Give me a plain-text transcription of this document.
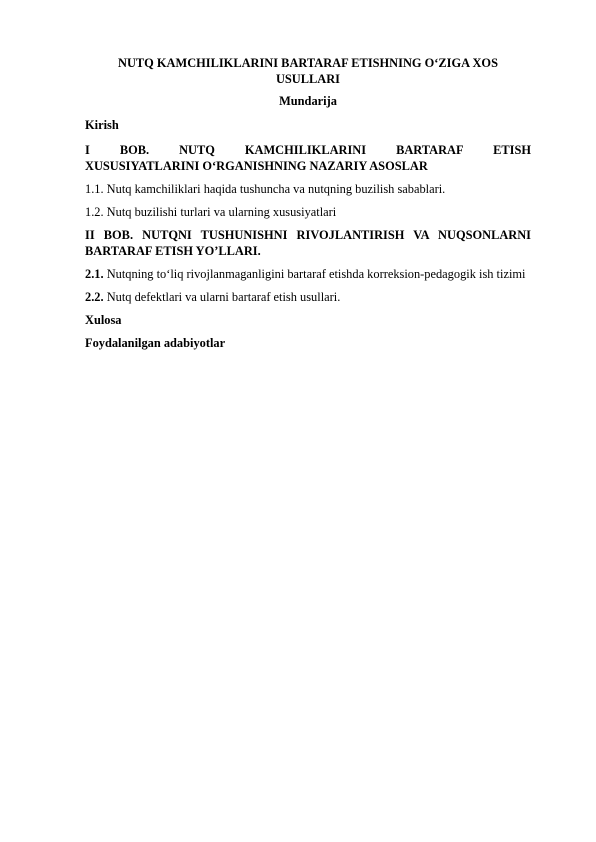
NUTQ KAMCHILIKLARINI BARTARAF ETISHNING O‘ZIGA XOS USULLARI

Mundarija

Kirish

I BOB. NUTQ KAMCHILIKLARINI BARTARAF ETISH
XUSUSIYATLARINI O‘RGANISHNING NAZARIY ASOSLAR

1.1. Nutq kamchiliklari haqida tushuncha va nutqning buzilish sabablari.

1.2. Nutq buzilishi turlari va ularning xususiyatlari

II BOB. NUTQNI TUSHUNISHNI RIVOJLANTIRISH VA NUQSONLARNI BARTARAF ETISH YO’LLARI.

2.1. Nutqning to‘liq rivojlanmaganligini bartaraf etishda korreksion-pedagogik ish tizimi

2.2. Nutq defektlari va ularni bartaraf etish usullari.

Xulosa

Foydalanilgan adabiyotlar
